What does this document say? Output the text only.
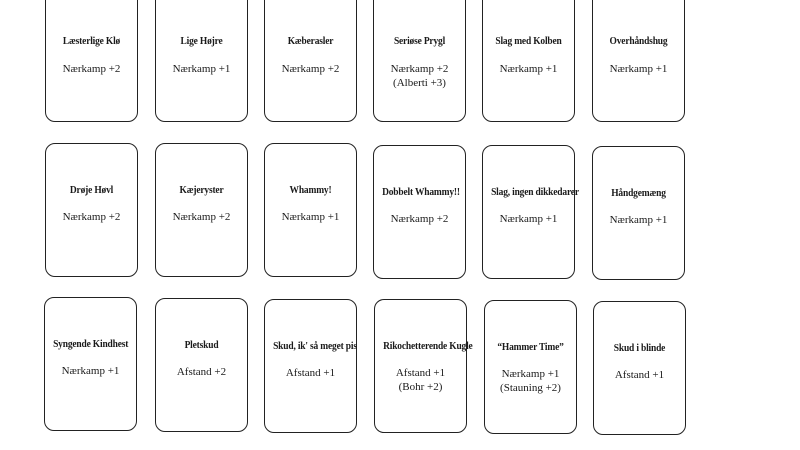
Læsterlige Klø
Nærkamp +2
Lige Højre
Nærkamp +1
Kæberasler
Nærkamp +2
Seriøse Prygl
Nærkamp +2
(Alberti +3)
Slag med Kolben
Nærkamp +1
Overhåndshug
Nærkamp +1
Drøje Høvl
Nærkamp +2
Kæjeryster
Nærkamp +2
Whammy!
Nærkamp +1
Dobbelt Whammy!!
Nærkamp +2
Slag, ingen dikkedarer
Nærkamp +1
Håndgemæng
Nærkamp +1
Syngende Kindhest
Nærkamp +1
Pletskud
Afstand +2
Skud, ik' så meget pis
Afstand +1
Rikochetterende Kugle
Afstand +1
(Bohr +2)
“Hammer Time”
Nærkamp +1
(Stauning +2)
Skud i blinde
Afstand +1
